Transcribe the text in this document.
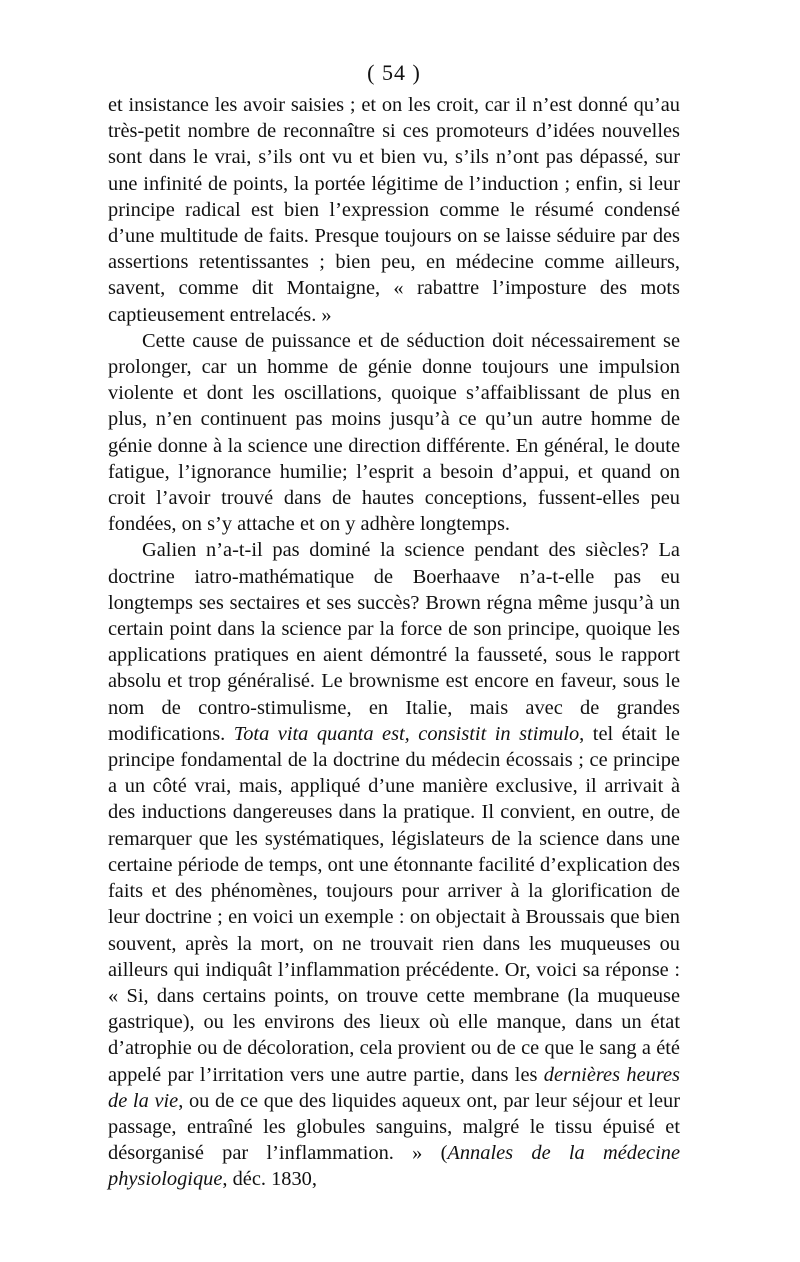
( 54 )

et insistance les avoir saisies ; et on les croit, car il n’est donné qu’au très-petit nombre de reconnaître si ces promoteurs d’idées nouvelles sont dans le vrai, s’ils ont vu et bien vu, s’ils n’ont pas dépassé, sur une infinité de points, la portée légitime de l’induction ; enfin, si leur principe radical est bien l’expression comme le résumé condensé d’une multitude de faits. Presque toujours on se laisse séduire par des assertions retentissantes ; bien peu, en médecine comme ailleurs, savent, comme dit Montaigne, « rabattre l’imposture des mots captieusement entrelacés. »

Cette cause de puissance et de séduction doit nécessairement se prolonger, car un homme de génie donne toujours une impulsion violente et dont les oscillations, quoique s’affaiblissant de plus en plus, n’en continuent pas moins jusqu’à ce qu’un autre homme de génie donne à la science une direction différente. En général, le doute fatigue, l’ignorance humilie; l’esprit a besoin d’appui, et quand on croit l’avoir trouvé dans de hautes conceptions, fussent-elles peu fondées, on s’y attache et on y adhère longtemps.

Galien n’a-t-il pas dominé la science pendant des siècles? La doctrine iatro-mathématique de Boerhaave n’a-t-elle pas eu longtemps ses sectaires et ses succès? Brown régna même jusqu’à un certain point dans la science par la force de son principe, quoique les applications pratiques en aient démontré la fausseté, sous le rapport absolu et trop généralisé. Le brownisme est encore en faveur, sous le nom de contro-stimulisme, en Italie, mais avec de grandes modifications. Tota vita quanta est, consistit in stimulo, tel était le principe fondamental de la doctrine du médecin écossais ; ce principe a un côté vrai, mais, appliqué d’une manière exclusive, il arrivait à des inductions dangereuses dans la pratique. Il convient, en outre, de remarquer que les systématiques, législateurs de la science dans une certaine période de temps, ont une étonnante facilité d’explication des faits et des phénomènes, toujours pour arriver à la glorification de leur doctrine ; en voici un exemple : on objectait à Broussais que bien souvent, après la mort, on ne trouvait rien dans les muqueuses ou ailleurs qui indiquât l’inflammation précédente. Or, voici sa réponse : « Si, dans certains points, on trouve cette membrane (la muqueuse gastrique), ou les environs des lieux où elle manque, dans un état d’atrophie ou de décoloration, cela provient ou de ce que le sang a été appelé par l’irritation vers une autre partie, dans les dernières heures de la vie, ou de ce que des liquides aqueux ont, par leur séjour et leur passage, entraîné les globules sanguins, malgré le tissu épuisé et désorganisé par l’inflammation. » (Annales de la médecine physiologique, déc. 1830,
